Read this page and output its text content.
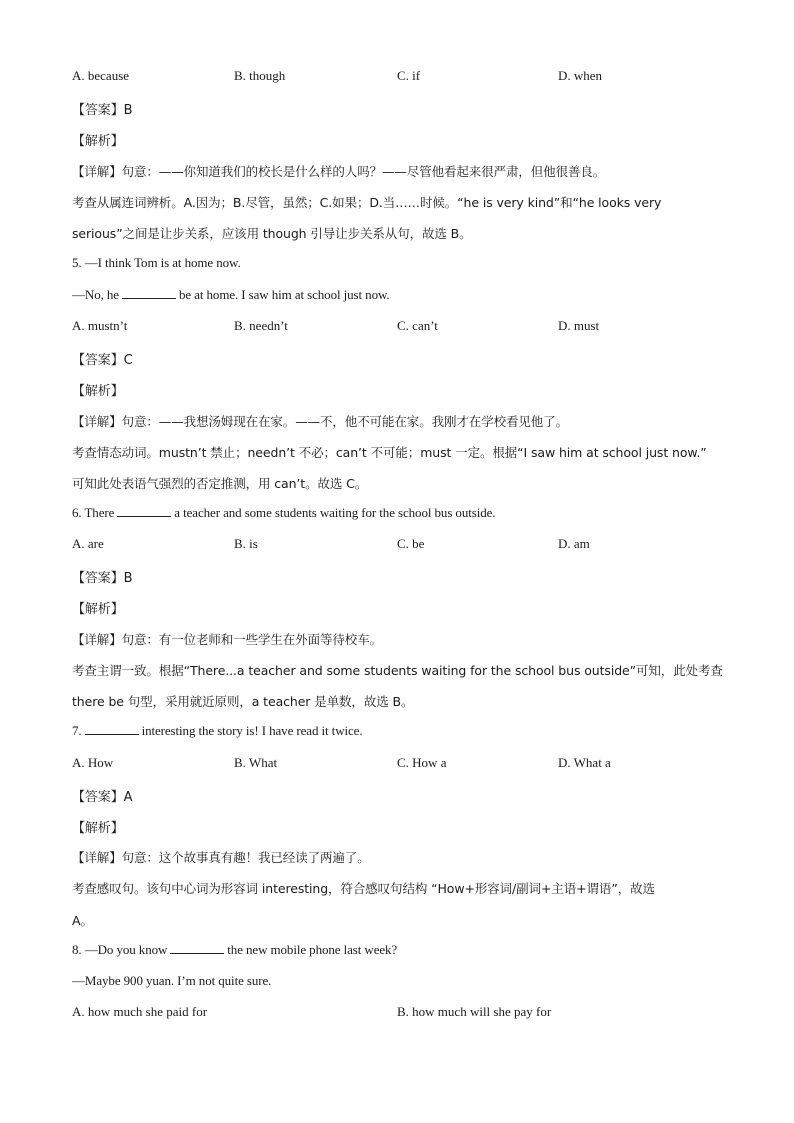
A. because	B. though	C. if	D. when
【答案】B
【解析】
【详解】句意：——你知道我们的校长是什么样的人吗？——尽管他看起来很严肃，但他很善良。
考查从属连词辨析。A.因为；B.尽管，虽然；C.如果；D.当……时候。“he is very kind”和“he looks very
serious”之间是让步关系，应该用 though 引导让步关系从句，故选 B。
5. —I think Tom is at home now.
—No, he	be at home. I saw him at school just now.
A. mustn’t	B. needn’t	C. can’t	D. must
【答案】C
【解析】
【详解】句意：——我想汤姆现在在家。——不，他不可能在家。我刚才在学校看见他了。
考查情态动词。mustn’t 禁止；needn’t 不必；can’t 不可能；must 一定。根据“I saw him at school just now.”
可知此处表语气强烈的否定推测，用 can’t。故选 C。
6. There	a teacher and some students waiting for the school bus outside.
A. are	B. is	C. be	D. am
【答案】B
【解析】
【详解】句意：有一位老师和一些学生在外面等待校车。
考查主谓一致。根据“There...a teacher and some students waiting for the school bus outside”可知，此处考查
there be 句型，采用就近原则，a teacher 是单数，故选 B。
7.	interesting the story is! I have read it twice.
A. How	B. What	C. How a	D. What a
【答案】A
【解析】
【详解】句意：这个故事真有趣！我已经读了两遍了。
考查感叹句。该句中心词为形容词 interesting，符合感叹句结构 “How+形容词/副词+主语+谓语”，故选
A。
8. —Do you know	the new mobile phone last week?
—Maybe 900 yuan. I’m not quite sure.
A. how much she paid for	B. how much will she pay for
